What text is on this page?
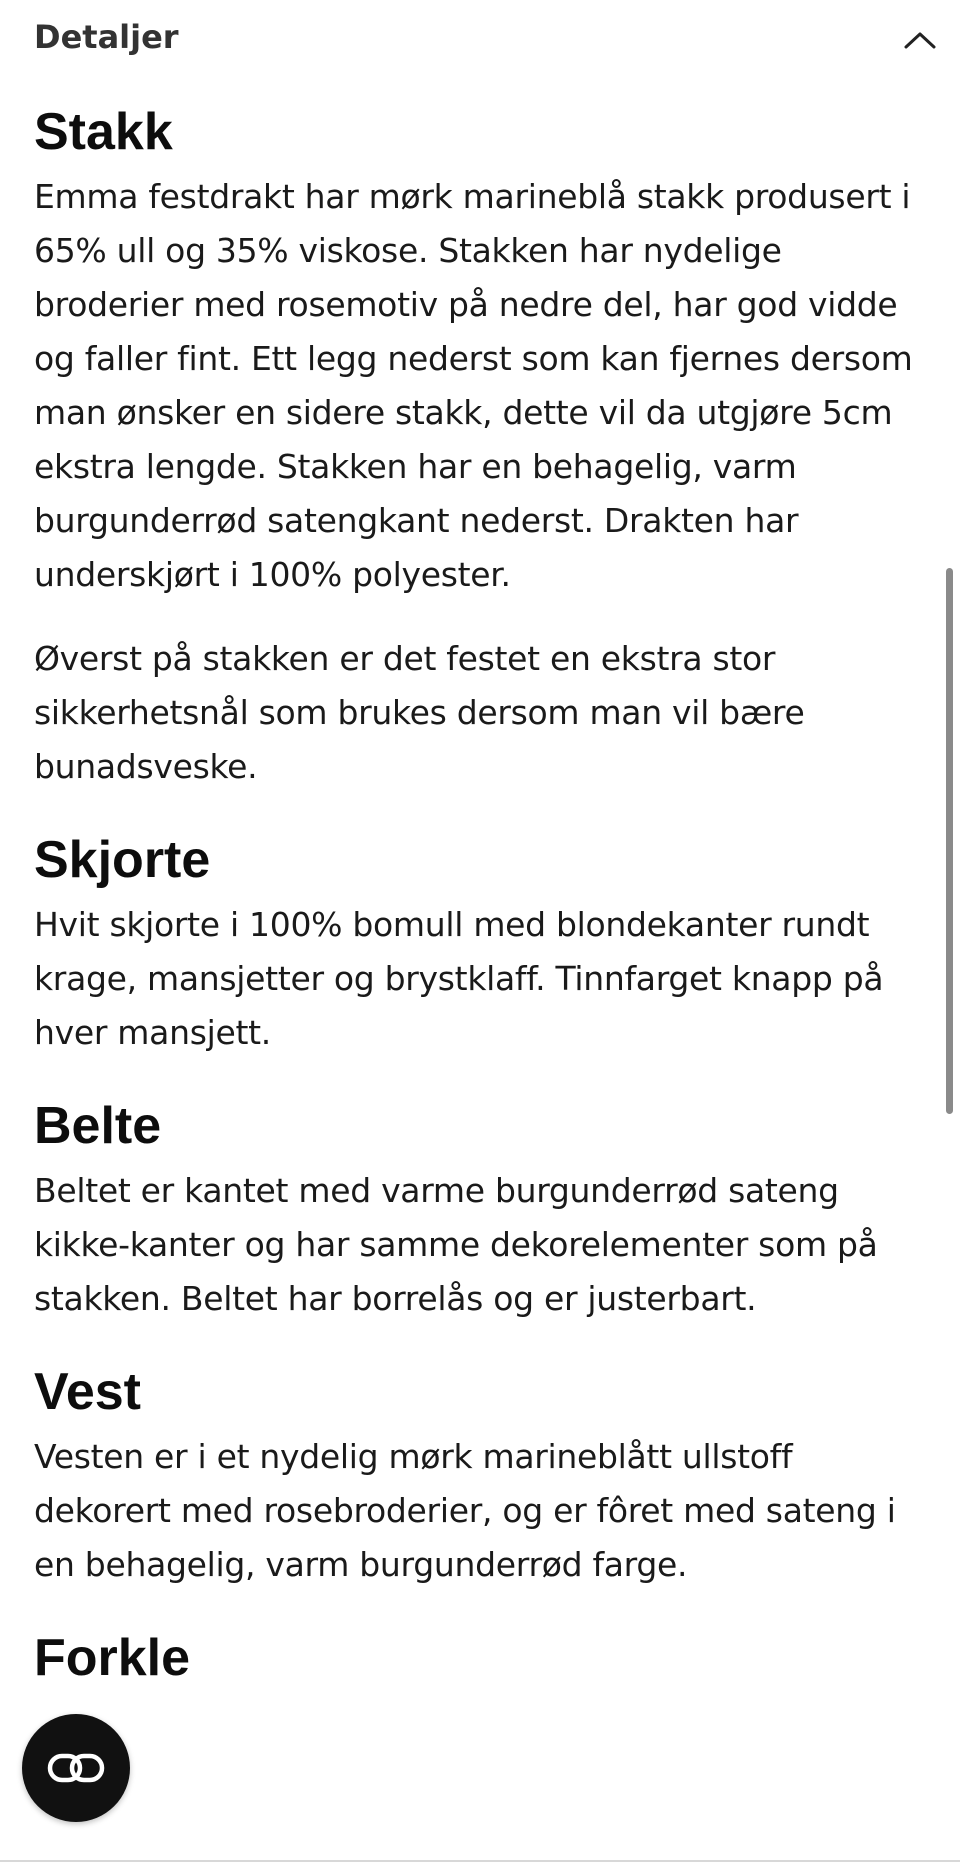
Detaljer
Stakk

Emma festdrakt har mørk marineblå stakk produsert i 65% ull og 35% viskose. Stakken har nydelige broderier med rosemotiv på nedre del, har god vidde og faller fint. Ett legg nederst som kan fjernes dersom man ønsker en sidere stakk, dette vil da utgjøre 5cm ekstra lengde. Stakken har en behagelig, varm burgunderrød satengkant nederst. Drakten har underskjørt i 100% polyester.

Øverst på stakken er det festet en ekstra stor sikkerhetsnål som brukes dersom man vil bære bunadsveske.

Skjorte

Hvit skjorte i 100% bomull med blondekanter rundt krage, mansjetter og brystklaff. Tinnfarget knapp på hver mansjett.

Belte

Beltet er kantet med varme burgunderrød sateng kikke-kanter og har samme dekorelementer som på stakken. Beltet har borrelås og er justerbart.

Vest

Vesten er i et nydelig mørk marineblått ullstoff dekorert med rosebroderier, og er fôret med sateng i en behagelig, varm burgunderrød farge.

Forkle
